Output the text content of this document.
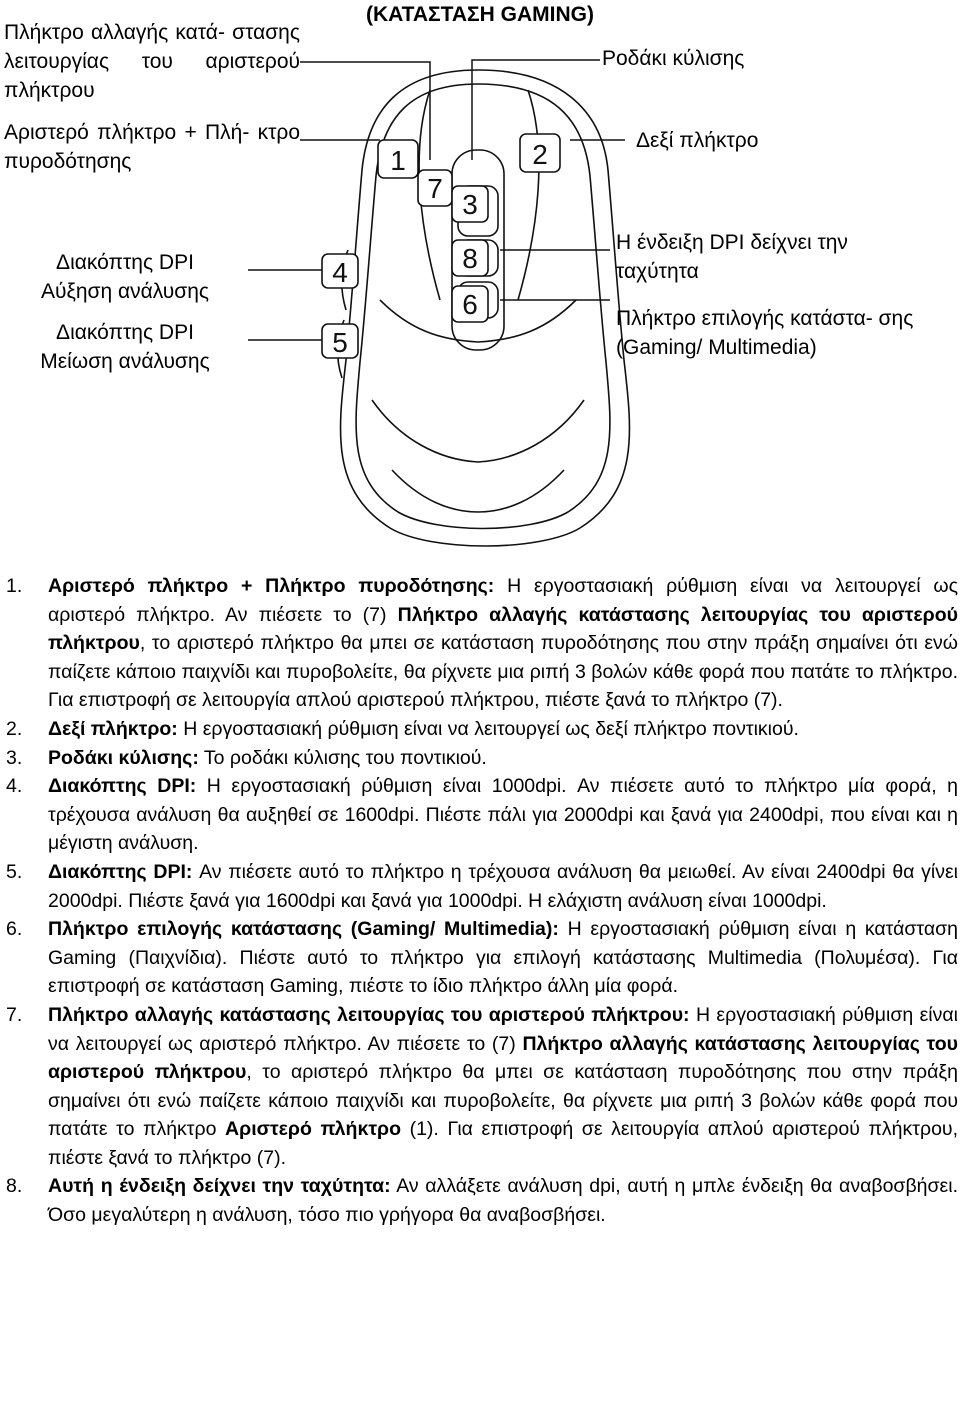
(ΚΑΤΑΣΤΑΣΗ GAMING)
1	2
7
3
8
6
4
5
Πλήκτρο αλλαγής κατά- στασης λειτουργίας του αριστερού πλήκτρου
Αριστερό πλήκτρο + Πλή- κτρο πυροδότησης
Διακόπτης DPI
Αύξηση ανάλυσης
Διακόπτης DPI
Μείωση ανάλυσης
Ροδάκι κύλισης
Δεξί πλήκτρο
Η ένδειξη DPI δείχνει την ταχύτητα
Πλήκτρο επιλογής κατάστα- σης (Gaming/ Multimedia)
1.	Αριστερό πλήκτρο + Πλήκτρο πυροδότησης: Η εργοστασιακή ρύθμιση είναι να λειτουργεί ως αριστερό πλήκτρο. Αν πιέσετε το (7) Πλήκτρο αλλαγής κατάστασης λειτουργίας του αριστερού πλήκτρου, το αριστερό πλήκτρο θα μπει σε κατάσταση πυροδότησης που στην πράξη σημαίνει ότι ενώ παίζετε κάποιο παιχνίδι και πυροβολείτε, θα ρίχνετε μια ριπή 3 βολών κάθε φορά που πατάτε το πλήκτρο. Για επιστροφή σε λειτουργία απλού αριστερού πλήκτρου, πιέστε ξανά το πλήκτρο (7).
2.	Δεξί πλήκτρο: Η εργοστασιακή ρύθμιση είναι να λειτουργεί ως δεξί πλήκτρο ποντικιού.
3.	Ροδάκι κύλισης: Το ροδάκι κύλισης του ποντικιού.
4.	Διακόπτης DPI: Η εργοστασιακή ρύθμιση είναι 1000dpi. Αν πιέσετε αυτό το πλήκτρο μία φορά, η τρέχουσα ανάλυση θα αυξηθεί σε 1600dpi. Πιέστε πάλι για 2000dpi και ξανά για 2400dpi, που είναι και η μέγιστη ανάλυση.
5.	Διακόπτης DPI: Αν πιέσετε αυτό το πλήκτρο η τρέχουσα ανάλυση θα μειωθεί. Αν είναι 2400dpi θα γίνει 2000dpi. Πιέστε ξανά για 1600dpi και ξανά για 1000dpi. Η ελάχιστη ανάλυση είναι 1000dpi.
6.	Πλήκτρο επιλογής κατάστασης (Gaming/ Multimedia): Η εργοστασιακή ρύθμιση είναι η κατάσταση Gaming (Παιχνίδια). Πιέστε αυτό το πλήκτρο για επιλογή κατάστασης Multimedia (Πολυμέσα). Για επιστροφή σε κατάσταση Gaming, πιέστε το ίδιο πλήκτρο άλλη μία φορά.
7.	Πλήκτρο αλλαγής κατάστασης λειτουργίας του αριστερού πλήκτρου: Η εργοστασιακή ρύθμιση είναι να λειτουργεί ως αριστερό πλήκτρο. Αν πιέσετε το (7) Πλήκτρο αλλαγής κατάστασης λειτουργίας του αριστερού πλήκτρου, το αριστερό πλήκτρο θα μπει σε κατάσταση πυροδότησης που στην πράξη σημαίνει ότι ενώ παίζετε κάποιο παιχνίδι και πυροβολείτε, θα ρίχνετε μια ριπή 3 βολών κάθε φορά που πατάτε το πλήκτρο Αριστερό πλήκτρο (1). Για επιστροφή σε λειτουργία απλού αριστερού πλήκτρου, πιέστε ξανά το πλήκτρο (7).
8.	Αυτή η ένδειξη δείχνει την ταχύτητα: Αν αλλάξετε ανάλυση dpi, αυτή η μπλε ένδειξη θα αναβοσβήσει. Όσο μεγαλύτερη η ανάλυση, τόσο πιο γρήγορα θα αναβοσβήσει.
